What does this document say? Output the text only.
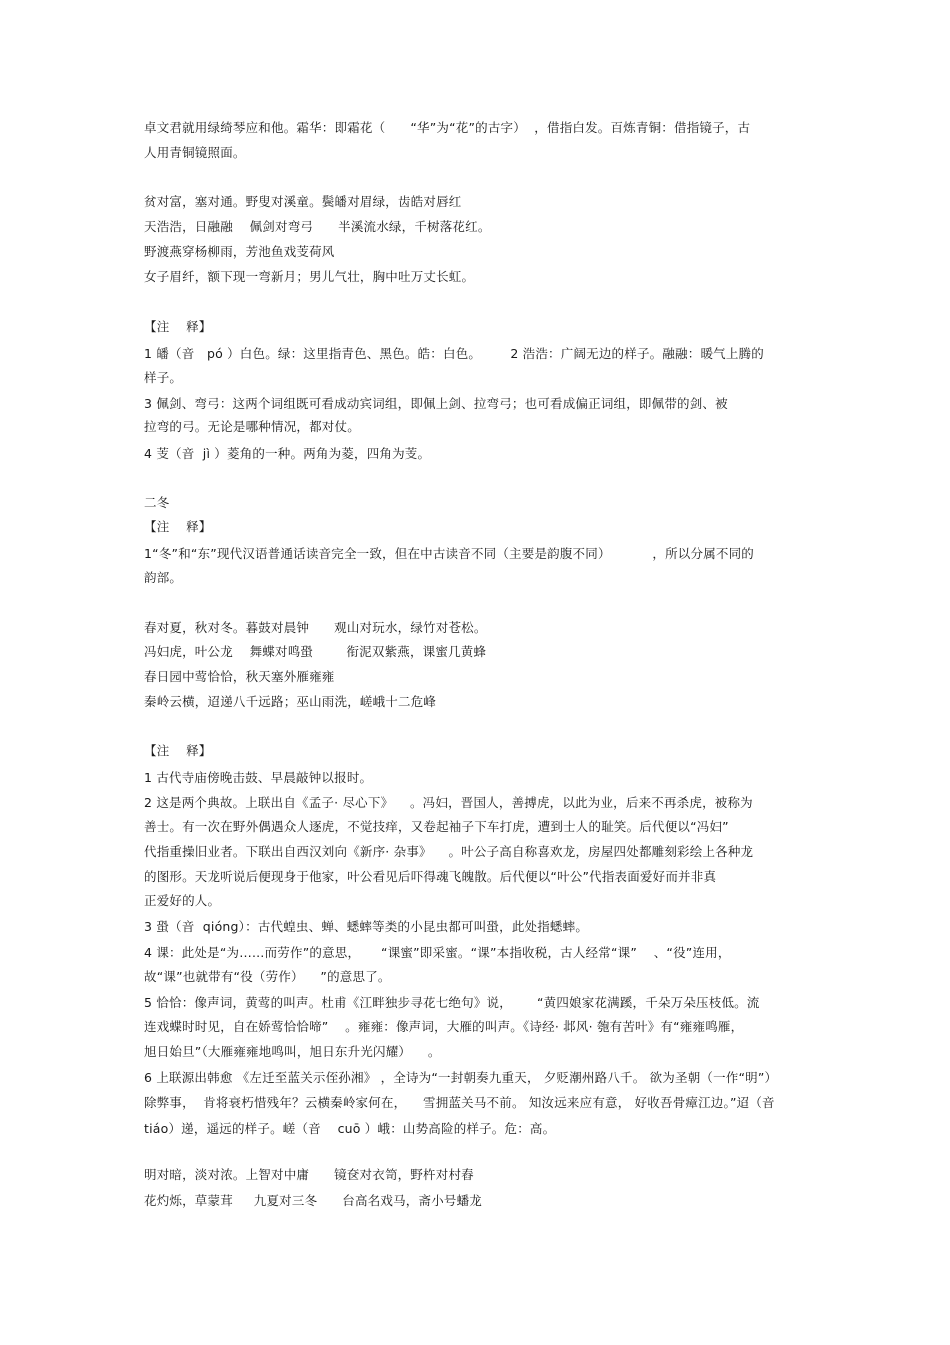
卓文君就用绿绮琴应和他。霜华：即霜花（      “华”为“花”的古字）  ，借指白发。百炼青铜：借指镜子，古
人用青铜镜照面。
贫对富，塞对通。野叟对溪童。鬓皤对眉绿，齿皓对唇红
天浩浩，日融融    佩剑对弯弓      半溪流水绿，千树落花红。
野渡燕穿杨柳雨，芳池鱼戏芰荷风
女子眉纤，额下现一弯新月；男儿气壮，胸中吐万丈长虹。
【注    释】
1 皤（音   pó ）白色。绿：这里指青色、黑色。皓：白色。       2 浩浩：广阔无边的样子。融融：暖气上腾的
样子。
3 佩剑、弯弓：这两个词组既可看成动宾词组，即佩上剑、拉弯弓；也可看成偏正词组，即佩带的剑、被
拉弯的弓。无论是哪种情况，都对仗。
4 芰（音  jì ）菱角的一种。两角为菱，四角为芰。
二冬
【注    释】
1“冬”和“东”现代汉语普通话读音完全一致，但在中古读音不同（主要是韵腹不同）          ，所以分属不同的
韵部。
春对夏，秋对冬。暮鼓对晨钟      观山对玩水，绿竹对苍松。
冯妇虎，叶公龙    舞蝶对鸣蛩        衔泥双紫燕，课蜜几黄蜂
春日园中莺恰恰，秋天塞外雁雍雍
秦岭云横，迢递八千远路；巫山雨洗，嵯峨十二危峰
【注    释】
1 古代寺庙傍晚击鼓、早晨敲钟以报时。
2 这是两个典故。上联出自《孟子· 尽心下》    。冯妇，晋国人，善搏虎，以此为业，后来不再杀虎，被称为
善士。有一次在野外偶遇众人逐虎，不觉技痒，又卷起袖子下车打虎，遭到士人的耻笑。后代便以“冯妇”
代指重操旧业者。下联出自西汉刘向《新序· 杂事》    。叶公子高自称喜欢龙，房屋四处都雕刻彩绘上各种龙
的图形。天龙听说后便现身于他家，叶公看见后吓得魂飞魄散。后代便以“叶公”代指表面爱好而并非真
正爱好的人。
3 蛩（音  qióng）：古代蝗虫、蝉、蟋蟀等类的小昆虫都可叫蛩，此处指蟋蟀。
4 课：此处是“为……而劳作”的意思，     “课蜜”即采蜜。“课”本指收税，古人经常“课”    、“役”连用，
故“课”也就带有“役（劳作）    ”的意思了。
5 恰恰：像声词，黄莺的叫声。杜甫《江畔独步寻花七绝句》说，      “黄四娘家花满蹊，千朵万朵压枝低。流
连戏蝶时时见，自在娇莺恰恰啼”    。雍雍：像声词，大雁的叫声。《诗经· 邶风· 匏有苦叶》有“雍雍鸣雁，
旭日始旦”（大雁雍雍地鸣叫，旭日东升光闪耀）    。
6 上联源出韩愈 《左迁至蓝关示侄孙湘》 ，全诗为“一封朝奏九重天， 夕贬潮州路八千。 欲为圣朝（一作“明”）
除弊事，  肯将衰朽惜残年？云横秦岭家何在，    雪拥蓝关马不前。 知汝远来应有意， 好收吾骨瘴江边。”迢（音
tiáo）递，遥远的样子。嵯（音    cuō ）峨：山势高险的样子。危：高。
明对暗，淡对浓。上智对中庸      镜奁对衣笥，野杵对村舂
花灼烁，草蒙茸     九夏对三冬      台高名戏马，斋小号蟠龙
